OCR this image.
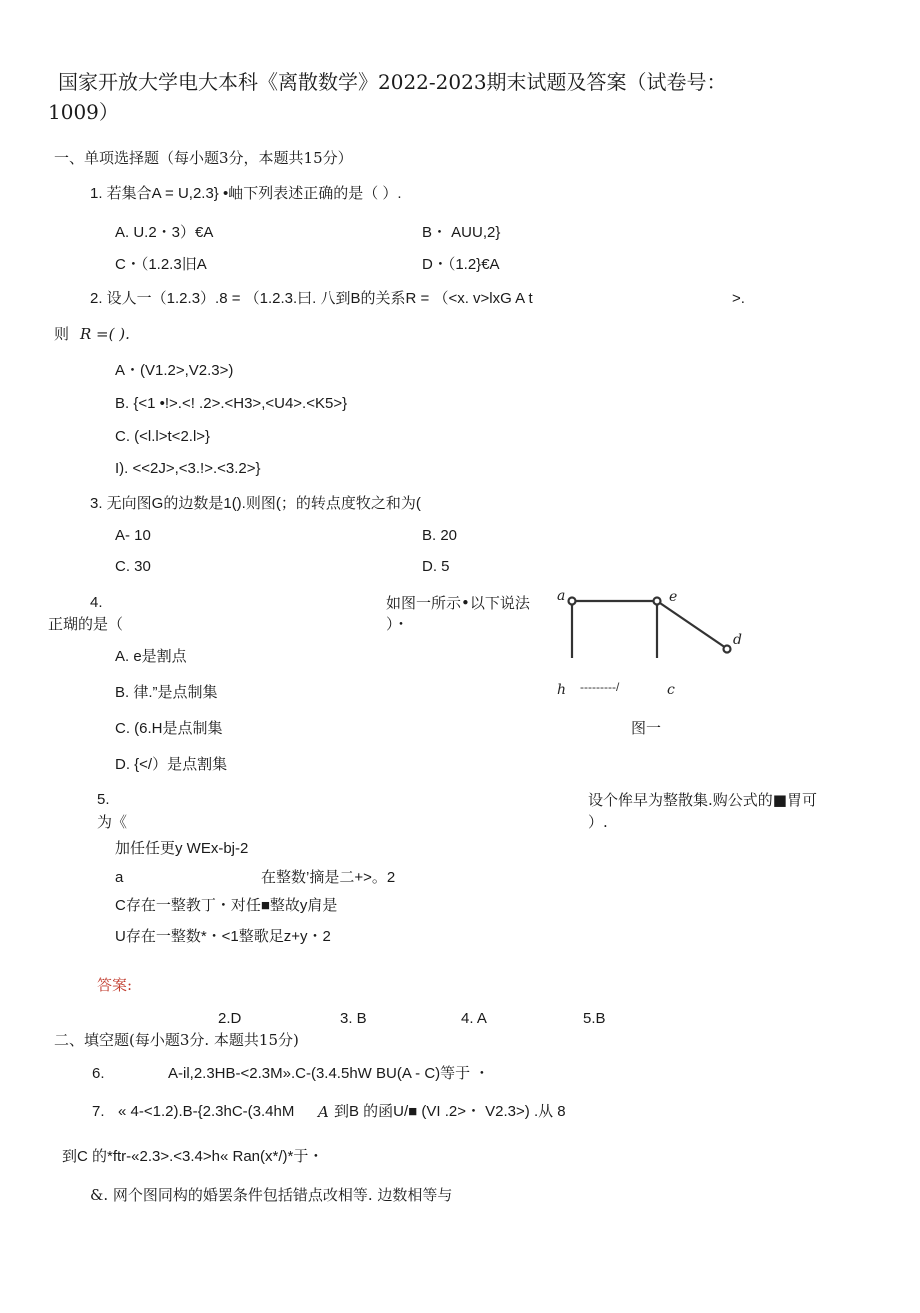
国家开放大学电大本科《离散数学》2022-2023期末试题及答案（试卷号：
1009）
一、单项选择题（每小题3分，本题共15分）
1. 若集合A = U,2.3} •岫下列表述正确的是（ ）.
A. U.2・3）€A	B・ AUU,2}
C・（1.2.3旧A	D・（1.2}€A
2. 设人一（1.2.3）.8 = （1.2.3.曰. 八到B的关系R = （<x. v>lxG A t	>.
则 R =( ).
A・(V1.2>,V2.3>)
B. {<1 •!>.<! .2>.<H3>,<U4>.<K5>}
C. (<l.l>t<2.l>}
I). <<2J>,<3.!>.<3.2>}
3. 无向图G的边数是1().则图(；的转点度牧之和为(
A- 10	B. 20
C. 30	D. 5
4.	如图一所示•以下说法
正瑚的是（	）・
A. e是割点
B. 律.”是点制集
C. (6.H是点制集
D. {</）是点割集
a	e
d
h	c
---------/
图一
5.	设个侔早为整散集.购公式的■胃可
为《	）.
加任任更y WEx-bj-2
a	在整数’摘是二+>。2
C存在一整教丁・对任■整故y肩是
U存在一整数*・<1整歌足z+y・2
答案:
2.D	3. B	4. A	5.B
二、填空题(每小题3分. 本题共15分)
6.	A-il,2.3HB-<2.3M».C-(3.4.5hW BU(A - C)等于 ・
7. « 4-<1.2).B-{2.3hC-(3.4hM A 到B 的函U/■ (VI .2>・ V2.3>) .从 8
到C 的*ftr-«2.3>.<3.4>h« Ran(x*/)*于・
&. 网个图同构的婚罢条件包括错点改相等. 边数相等与
